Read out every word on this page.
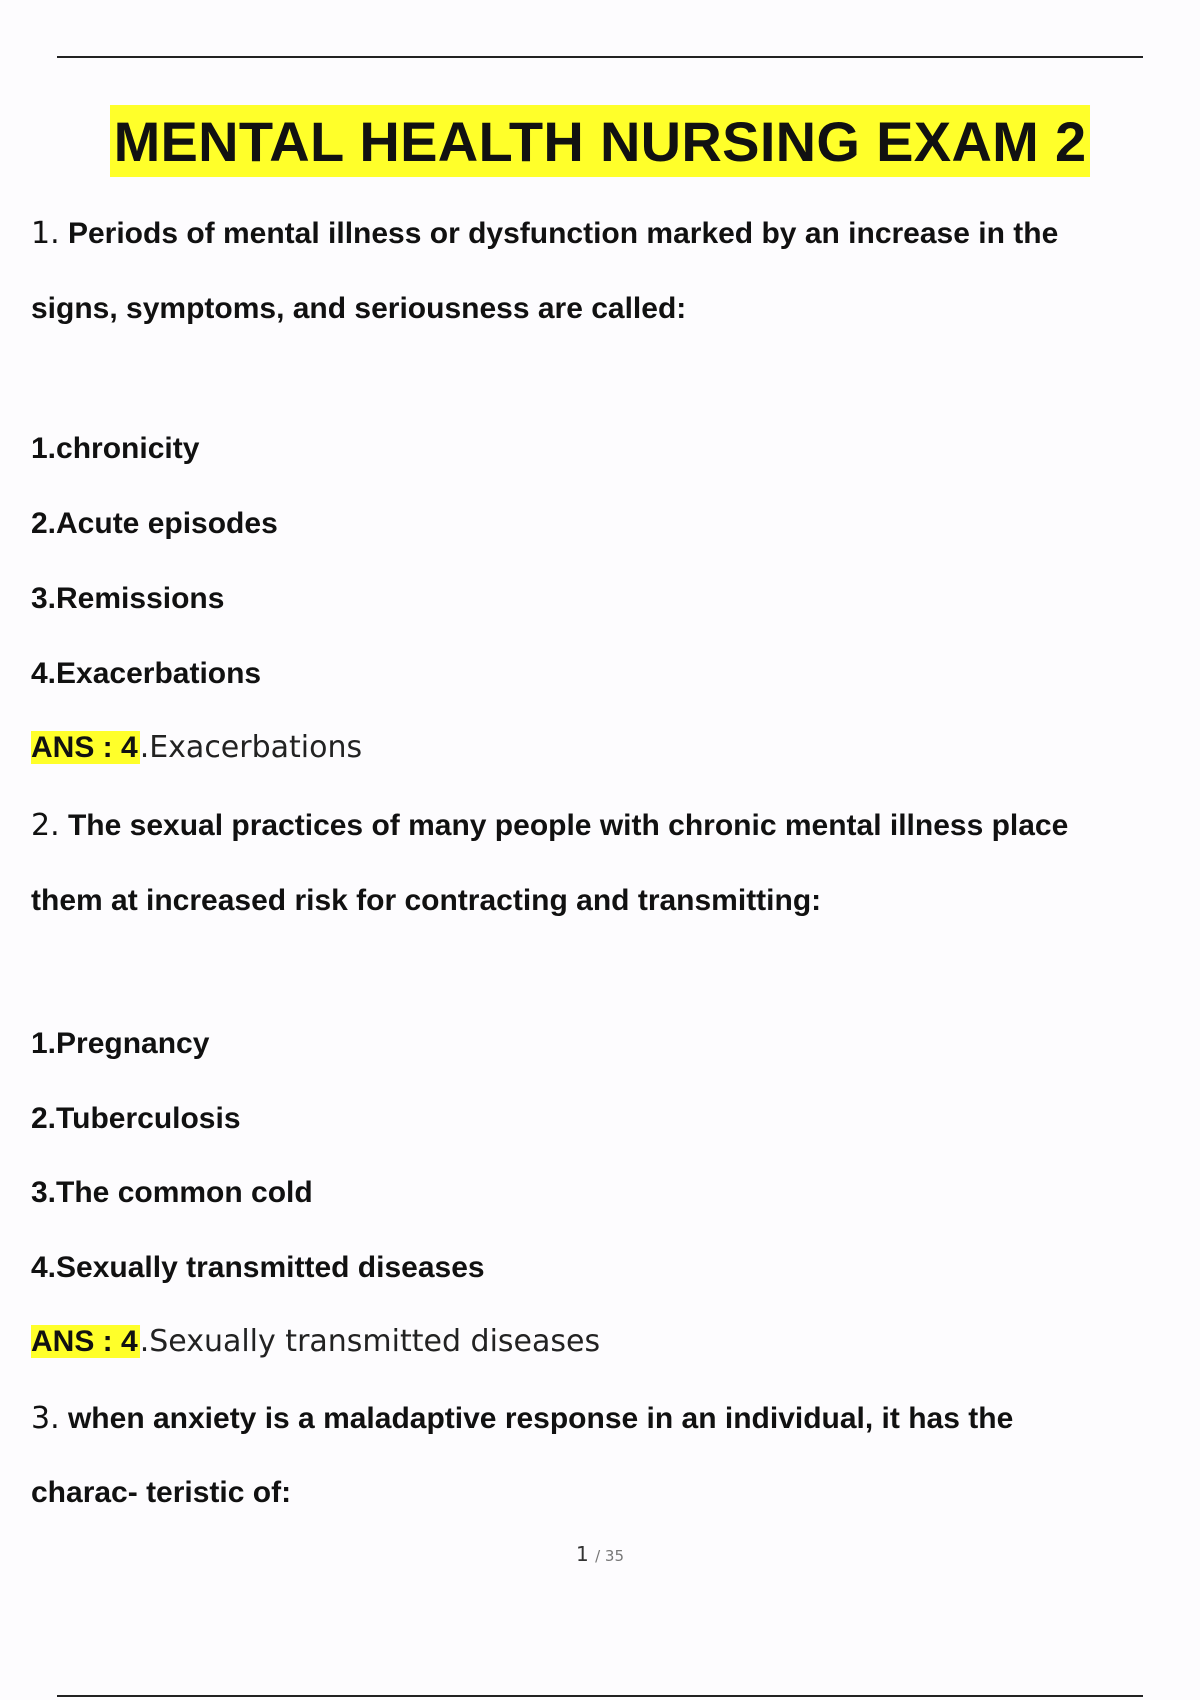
MENTAL HEALTH NURSING EXAM 2
1. Periods of mental illness or dysfunction marked by an increase in the
signs, symptoms, and seriousness are called:
1.chronicity
2.Acute episodes
3.Remissions
4.Exacerbations
ANS : 4.Exacerbations
2. The sexual practices of many people with chronic mental illness place
them at increased risk for contracting and transmitting:
1.Pregnancy
2.Tuberculosis
3.The common cold
4.Sexually transmitted diseases
ANS : 4.Sexually transmitted diseases
3. when anxiety is a maladaptive response in an individual, it has the
charac- teristic of:
1 / 35
